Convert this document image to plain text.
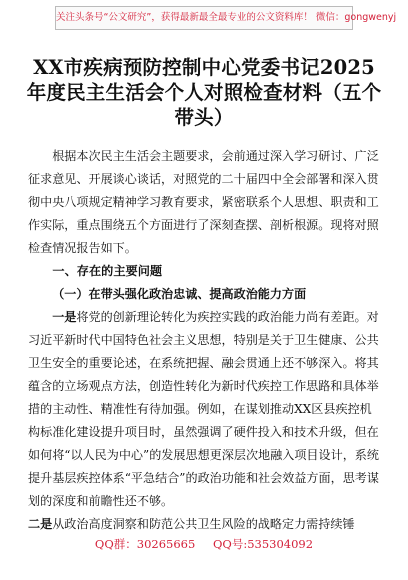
关注头条号“公文研究”，获得最新最全最专业的公文资料库！ 微信：gongwenyj
XX市疾病预防控制中心党委书记2025年度民主生活会个人对照检查材料（五个带头）

根据本次民主生活会主题要求，会前通过深入学习研讨、广泛征求意见、开展谈心谈话，对照党的二十届四中全会部署和深入贯彻中央八项规定精神学习教育要求，紧密联系个人思想、职责和工作实际，重点围绕五个方面进行了深刻查摆、剖析根源。现将对照检查情况报告如下。

一、存在的主要问题

（一）在带头强化政治忠诚、提高政治能力方面

一是将党的创新理论转化为疾控实践的政治能力尚有差距。对习近平新时代中国特色社会主义思想，特别是关于卫生健康、公共卫生安全的重要论述，在系统把握、融会贯通上还不够深入。将其蕴含的立场观点方法，创造性转化为新时代疾控工作思路和具体举措的主动性、精准性有待加强。例如，在谋划推动XX区县疾控机构标准化建设提升项目时，虽然强调了硬件投入和技术升级，但在如何将“以人民为中心”的发展思想更深层次地融入项目设计，系统提升基层疾控体系“平急结合”的政治功能和社会效益方面，思考谋划的深度和前瞻性还不够。

二是从政治高度洞察和防范公共卫生风险的战略定力需持续锤

QQ群：30265665 QQ号:535304092
